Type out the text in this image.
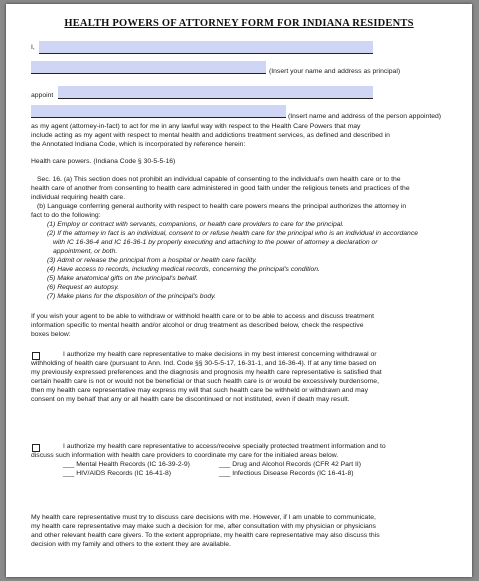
HEALTH POWERS OF ATTORNEY FORM FOR INDIANA RESIDENTS
I,
(Insert your name and address as principal)
appoint
(Insert name and address of the person appointed)
as my agent (attorney-in-fact) to act for me in any lawful way with respect to the Health Care Powers that may
include acting as my agent with respect to mental health and addictions treatment services, as defined and described in
the Annotated Indiana Code, which is incorporated by reference herein:
Health care powers. (Indiana Code § 30-5-5-16)
Sec. 16. (a) This section does not prohibit an individual capable of consenting to the individual's own health care or to the
health care of another from consenting to health care administered in good faith under the religious tenets and practices of the
individual requiring health care.
(b) Language conferring general authority with respect to health care powers means the principal authorizes the attorney in
fact to do the following:
(1) Employ or contract with servants, companions, or health care providers to care for the principal.
(2) If the attorney in fact is an individual, consent to or refuse health care for the principal who is an individual in accordance
with IC 16-36-4 and IC 16-36-1 by properly executing and attaching to the power of attorney a declaration or
appointment, or both.
(3) Admit or release the principal from a hospital or health care facility.
(4) Have access to records, including medical records, concerning the principal's condition.
(5) Make anatomical gifts on the principal's behalf.
(6) Request an autopsy.
(7) Make plans for the disposition of the principal's body.
If you wish your agent to be able to withdraw or withhold health care or to be able to access and discuss treatment
information specific to mental health and/or alcohol or drug treatment as described below, check the respective
boxes below:
I authorize my health care representative to make decisions in my best interest concerning withdrawal or
withholding of health care (pursuant to Ann. Ind. Code §§ 30-5-5-17, 16-31-1, and 16-36-4). If at any time based on
my previously expressed preferences and the diagnosis and prognosis my health care representative is satisfied that
certain health care is not or would not be beneficial or that such health care is or would be excessively burdensome,
then my health care representative may express my will that such health care be withheld or withdrawn and may
consent on my behalf that any or all health care be discontinued or not instituted, even if death may result.
I authorize my health care representative to access/receive specially protected treatment information and to
discuss such information with health care providers to coordinate my care for the initialed areas below.
___ Mental Health Records (IC 16-39-2-9)	___ Drug and Alcohol Records (CFR 42 Part II)
___ HIV/AIDS Records (IC 16-41-8)	___ Infectious Disease Records (IC 16-41-8)
My health care representative must try to discuss care decisions with me. However, if I am unable to communicate,
my health care representative may make such a decision for me, after consultation with my physician or physicians
and other relevant health care givers. To the extent appropriate, my health care representative may also discuss this
decision with my family and others to the extent they are available.
